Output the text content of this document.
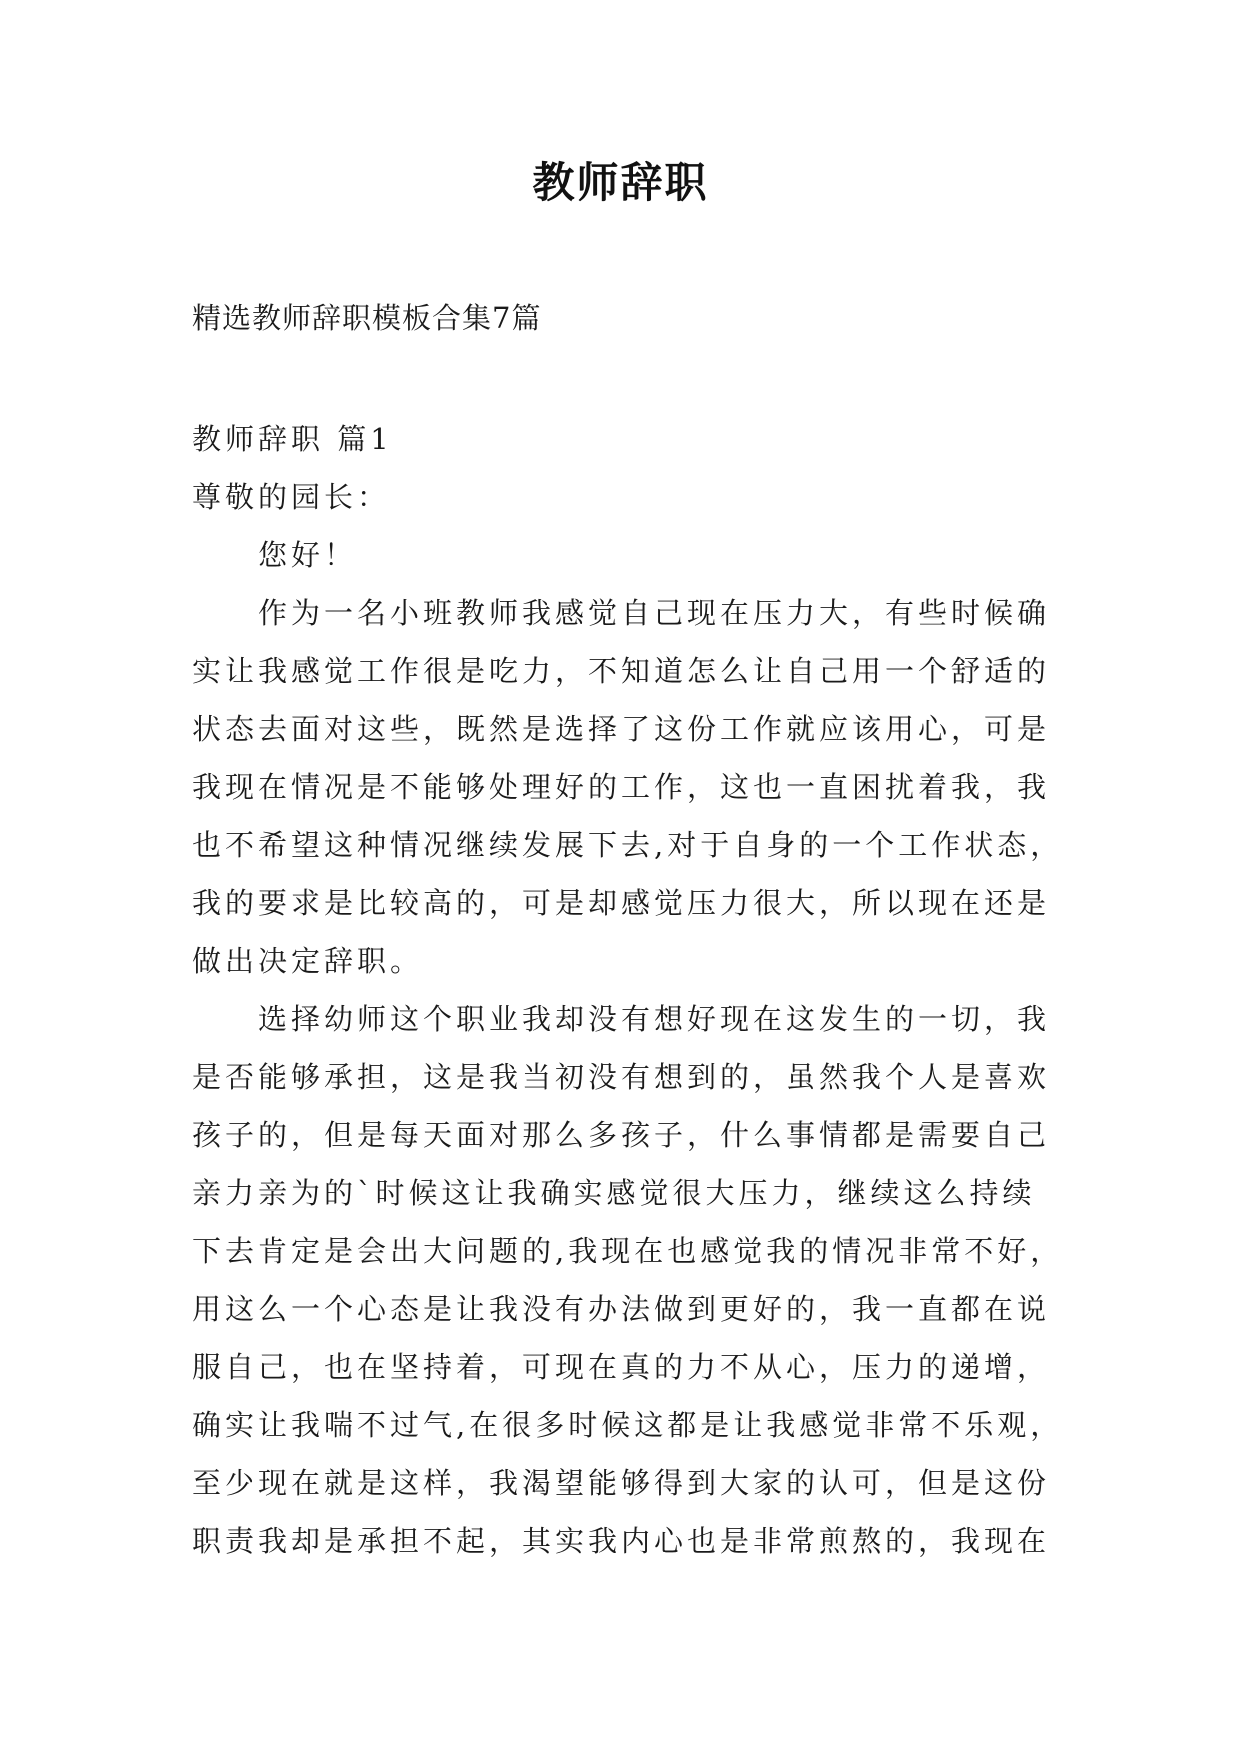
教师辞职
精选教师辞职模板合集7篇
教师辞职 篇1
尊敬的园长：
您好！
作为一名小班教师我感觉自己现在压力大，有些时候确
实让我感觉工作很是吃力，不知道怎么让自己用一个舒适的
状态去面对这些，既然是选择了这份工作就应该用心，可是
我现在情况是不能够处理好的工作，这也一直困扰着我，我
也不希望这种情况继续发展下去,对于自身的一个工作状态，
我的要求是比较高的，可是却感觉压力很大，所以现在还是
做出决定辞职。
选择幼师这个职业我却没有想好现在这发生的一切，我
是否能够承担，这是我当初没有想到的，虽然我个人是喜欢
孩子的，但是每天面对那么多孩子，什么事情都是需要自己
亲力亲为的`时候这让我确实感觉很大压力，继续这么持续
下去肯定是会出大问题的,我现在也感觉我的情况非常不好，
用这么一个心态是让我没有办法做到更好的，我一直都在说
服自己，也在坚持着，可现在真的力不从心，压力的递增，
确实让我喘不过气,在很多时候这都是让我感觉非常不乐观，
至少现在就是这样，我渴望能够得到大家的认可，但是这份
职责我却是承担不起，其实我内心也是非常煎熬的，我现在
